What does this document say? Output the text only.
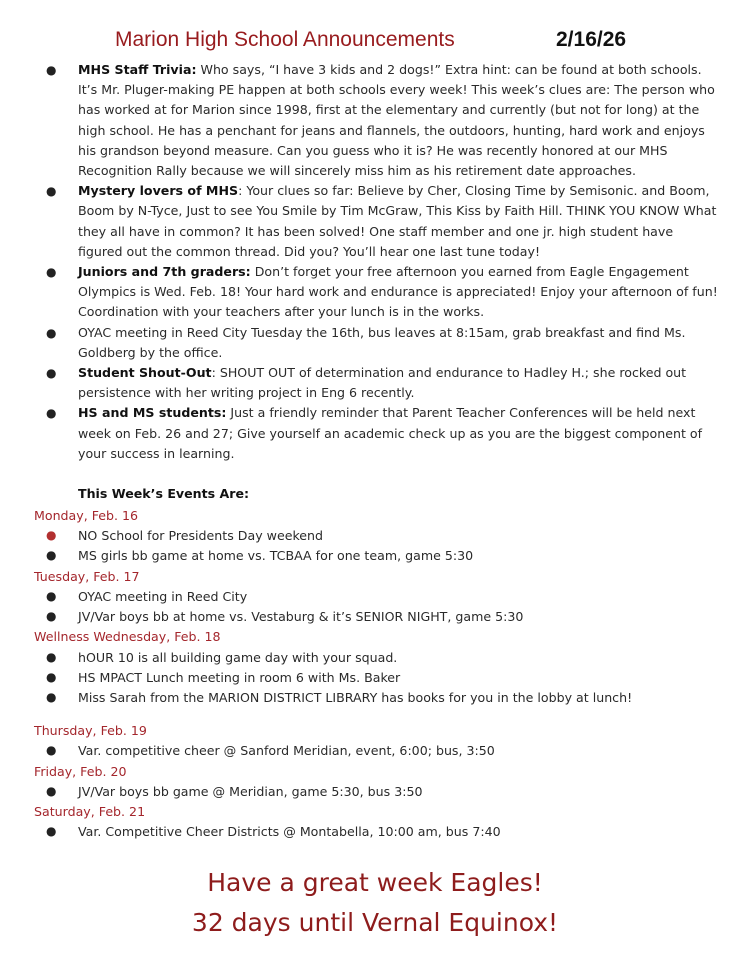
Marion High School Announcements	2/16/26
● MHS Staff Trivia: Who says, “I have 3 kids and 2 dogs!” Extra hint: can be found at both schools. It’s Mr. Pluger-making PE happen at both schools every week! This week’s clues are: The person who has worked at for Marion since 1998, first at the elementary and currently (but not for long) at the high school. He has a penchant for jeans and flannels, the outdoors, hunting, hard work and enjoys his grandson beyond measure. Can you guess who it is? He was recently honored at our MHS Recognition Rally because we will sincerely miss him as his retirement date approaches.
● Mystery lovers of MHS: Your clues so far: Believe by Cher, Closing Time by Semisonic. and Boom, Boom by N-Tyce, Just to see You Smile by Tim McGraw, This Kiss by Faith Hill. THINK YOU KNOW What they all have in common? It has been solved! One staff member and one jr. high student have figured out the common thread. Did you? You’ll hear one last tune today!
● Juniors and 7th graders: Don’t forget your free afternoon you earned from Eagle Engagement Olympics is Wed. Feb. 18! Your hard work and endurance is appreciated! Enjoy your afternoon of fun! Coordination with your teachers after your lunch is in the works.
● OYAC meeting in Reed City Tuesday the 16th, bus leaves at 8:15am, grab breakfast and find Ms. Goldberg by the office.
● Student Shout-Out: SHOUT OUT of determination and endurance to Hadley H.; she rocked out persistence with her writing project in Eng 6 recently.
● HS and MS students: Just a friendly reminder that Parent Teacher Conferences will be held next week on Feb. 26 and 27; Give yourself an academic check up as you are the biggest component of your success in learning.
This Week’s Events Are:
Monday, Feb. 16
● NO School for Presidents Day weekend
● MS girls bb game at home vs. TCBAA for one team, game 5:30
Tuesday, Feb. 17
● OYAC meeting in Reed City
● JV/Var boys bb at home vs. Vestaburg & it’s SENIOR NIGHT, game 5:30
Wellness Wednesday, Feb. 18
● hOUR 10 is all building game day with your squad.
● HS MPACT Lunch meeting in room 6 with Ms. Baker
● Miss Sarah from the MARION DISTRICT LIBRARY has books for you in the lobby at lunch!
Thursday, Feb. 19
● Var. competitive cheer @ Sanford Meridian, event, 6:00; bus, 3:50
Friday, Feb. 20
● JV/Var boys bb game @ Meridian, game 5:30, bus 3:50
Saturday, Feb. 21
● Var. Competitive Cheer Districts @ Montabella, 10:00 am, bus 7:40
Have a great week Eagles!
32 days until Vernal Equinox!
